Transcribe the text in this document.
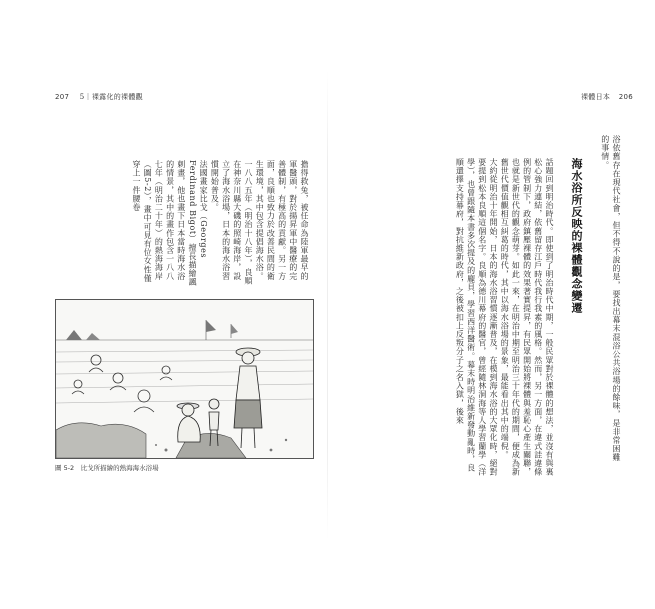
207 5｜裸露化的裸體觀
擔得救兔，被任命為陸軍最早的軍醫頭，對於揚昇軍中醫療的完善體制，有極高的貢獻。另一方面，良順也致力於改善民間的衛生環境，其中包含提倡海水浴。一八八五年（明治十八年），良順在神奈川縣大磯的照崎海岸，設立了海水浴場，日本的海水浴習慣開始普及。
法國畫家比戈（Georges Ferdinand Bigot）擅長描繪諷刺畫，他也畫下日本當時海水浴的情景，其中的畫作包含一八八七年（明治二十年）的熱海海岸（圖5-2），畫中可見有位女性僅穿上一件腰卷
圖 5-2　比戈所描繪的熱海海水浴場
裸體日本 206
浴依舊存在現代社會，但不得不說的是，要找出幕末混浴公共浴場的餘味，是非常困難的事情。
海水浴所反映的裸體觀念變遷
話題回到明治時代。即使到了明治時代中期，一般民眾對於裸體的想法，並沒有與裏松心強力連結，依舊留存江戶時代我行我素的風格。然而，另一方面，在違式詿違條例的管制下，政府鎮壓裸體的效果著實提昇，有民眾開始將裸體與羞恥心產生關聯，也就是新世代的觀念萌芽。如此一來，在明治中期至明治三十年代的期間，便成為新舊世代價值觀相互糾葛的時代，其中以海水浴場的景象，最能看出其中的端倪。
大約從明治十年開始，日本的海水浴習慣逐漸普及，在模到海水浴的大眾化時，絕對要提到松本良順這個名字。良順為德川幕府的醫官，曾經隨林洞海等人學習蘭學（洋學），也曾跟隨本書多次提及的龐貝，學習西洋醫術。幕末時明治維新發動亂時，良順還擇支持幕府，對抗維新政府，之後被扣上反叛分子之名入獄，後來
